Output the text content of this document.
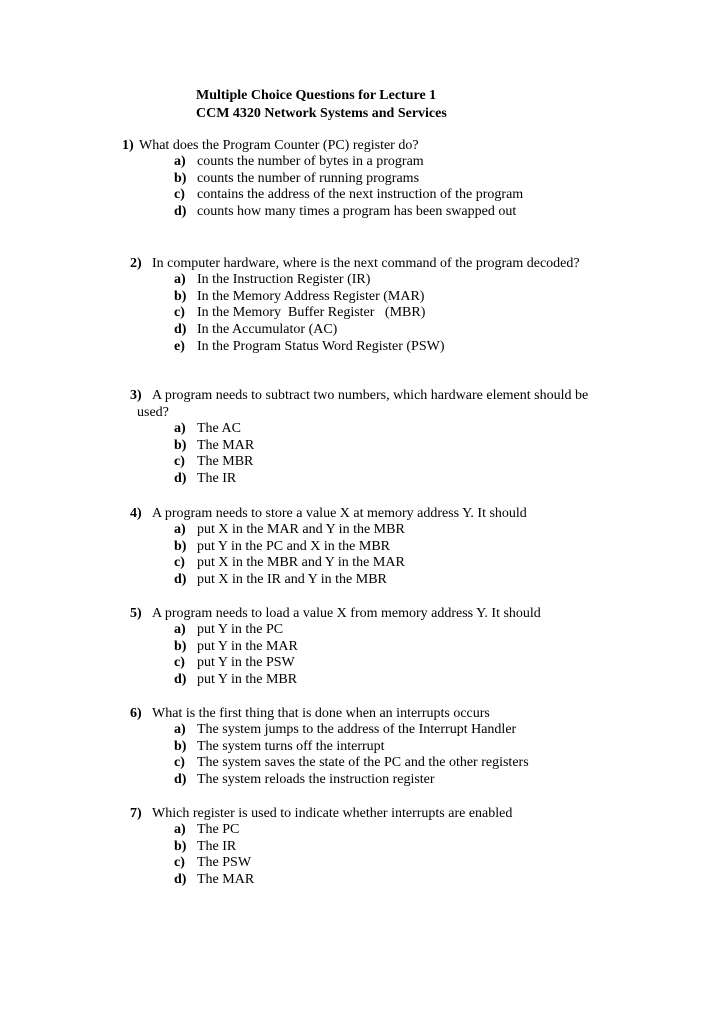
Multiple Choice Questions for Lecture 1
CCM 4320 Network Systems and Services
1) What does the Program Counter (PC) register do?
a) counts the number of bytes in a program
b) counts the number of running programs
c) contains the address of the next instruction of the program
d) counts how many times a program has been swapped out
2) In computer hardware, where is the next command of the program decoded?
a) In the Instruction Register (IR)
b) In the Memory Address Register (MAR)
c) In the Memory  Buffer Register   (MBR)
d) In the Accumulator (AC)
e) In the Program Status Word Register (PSW)
3) A program needs to subtract two numbers, which hardware element should be
used?
a) The AC
b) The MAR
c) The MBR
d) The IR
4) A program needs to store a value X at memory address Y. It should
a) put X in the MAR and Y in the MBR
b) put Y in the PC and X in the MBR
c) put X in the MBR and Y in the MAR
d) put X in the IR and Y in the MBR
5) A program needs to load a value X from memory address Y. It should
a) put Y in the PC
b) put Y in the MAR
c) put Y in the PSW
d) put Y in the MBR
6) What is the first thing that is done when an interrupts occurs
a) The system jumps to the address of the Interrupt Handler
b) The system turns off the interrupt
c) The system saves the state of the PC and the other registers
d) The system reloads the instruction register
7) Which register is used to indicate whether interrupts are enabled
a) The PC
b) The IR
c) The PSW
d) The MAR
